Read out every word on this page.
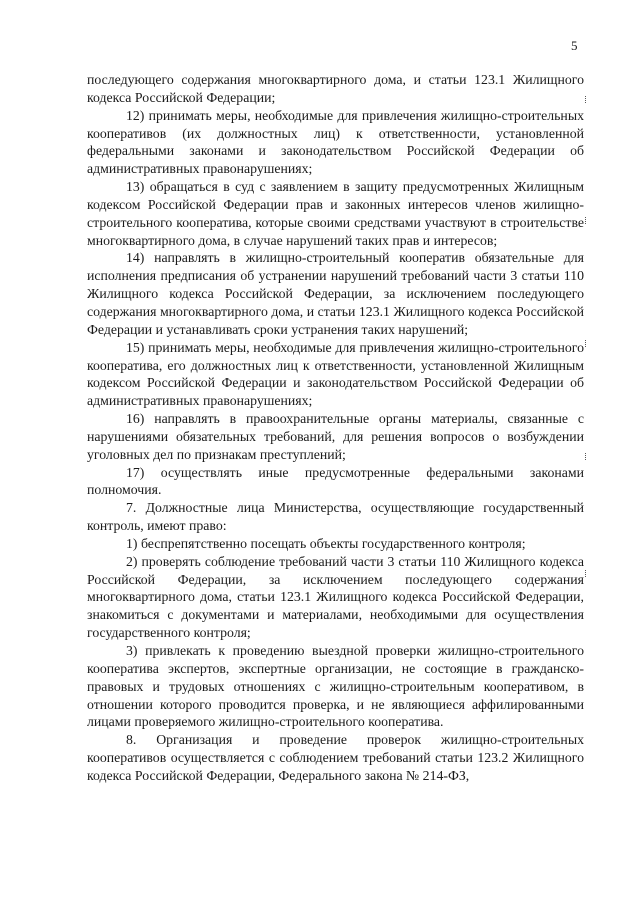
5

последующего содержания многоквартирного дома, и статьи 123.1 Жилищного кодекса Российской Федерации;

12) принимать меры, необходимые для привлечения жилищно-строительных кооперативов (их должностных лиц) к ответственности, установленной федеральными законами и законодательством Российской Федерации об административных правонарушениях;

13) обращаться в суд с заявлением в защиту предусмотренных Жилищным кодексом Российской Федерации прав и законных интересов членов жилищно-строительного кооператива, которые своими средствами участвуют в строительстве многоквартирного дома, в случае нарушений таких прав и интересов;

14) направлять в жилищно-строительный кооператив обязательные для исполнения предписания об устранении нарушений требований части 3 статьи 110 Жилищного кодекса Российской Федерации, за исключением последующего содержания многоквартирного дома, и статьи 123.1 Жилищного кодекса Российской Федерации и устанавливать сроки устранения таких нарушений;

15) принимать меры, необходимые для привлечения жилищно-строительного кооператива, его должностных лиц к ответственности, установленной Жилищным кодексом Российской Федерации и законодательством Российской Федерации об административных правонарушениях;

16) направлять в правоохранительные органы материалы, связанные с нарушениями обязательных требований, для решения вопросов о возбуждении уголовных дел по признакам преступлений;

17) осуществлять иные предусмотренные федеральными законами полномочия.

7. Должностные лица Министерства, осуществляющие государственный контроль, имеют право:

1) беспрепятственно посещать объекты государственного контроля;

2) проверять соблюдение требований части 3 статьи 110 Жилищного кодекса Российской Федерации, за исключением последующего содержания многоквартирного дома, статьи 123.1 Жилищного кодекса Российской Федерации, знакомиться с документами и материалами, необходимыми для осуществления государственного контроля;

3) привлекать к проведению выездной проверки жилищно-строительного кооператива экспертов, экспертные организации, не состоящие в гражданско-правовых и трудовых отношениях с жилищно-строительным кооперативом, в отношении которого проводится проверка, и не являющиеся аффилированными лицами проверяемого жилищно-строительного кооператива.

8. Организация и проведение проверок жилищно-строительных кооперативов осуществляется с соблюдением требований статьи 123.2 Жилищного кодекса Российской Федерации, Федерального закона № 214-ФЗ,
